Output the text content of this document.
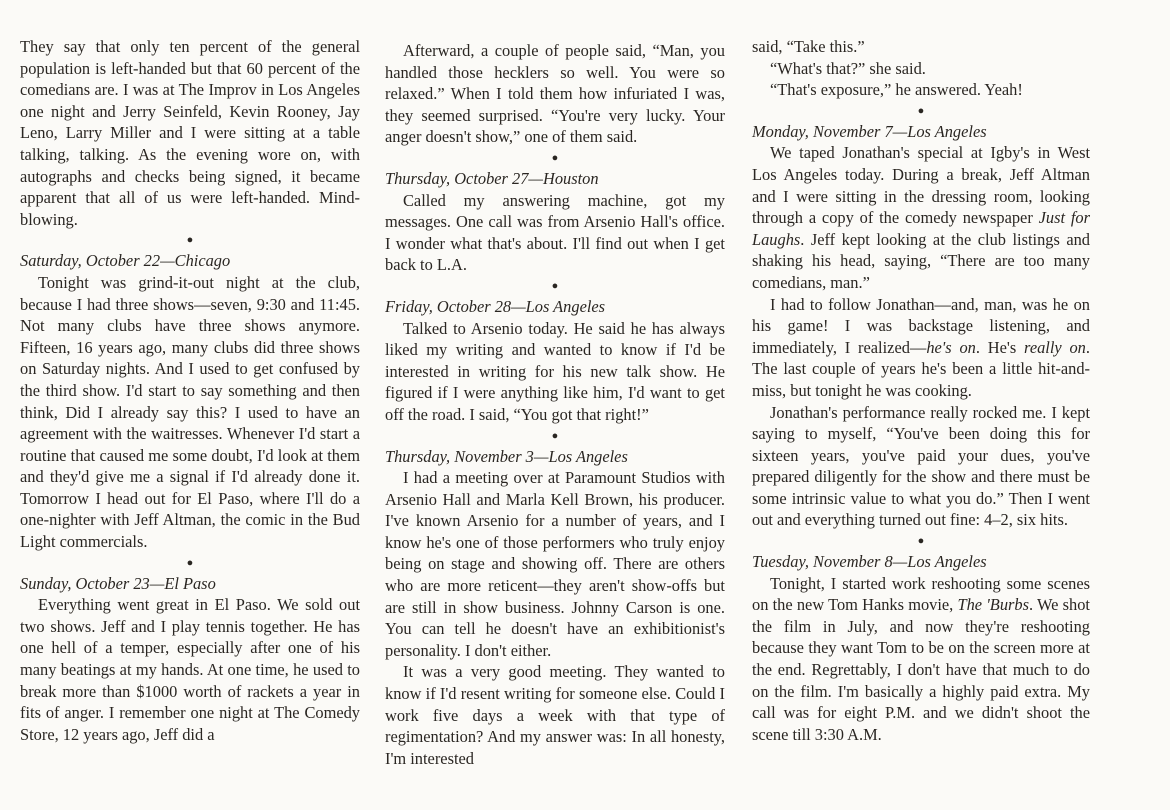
They say that only ten percent of the general population is left-handed but that 60 percent of the comedians are. I was at The Improv in Los Angeles one night and Jerry Seinfeld, Kevin Rooney, Jay Leno, Larry Miller and I were sitting at a table talking, talking. As the evening wore on, with autographs and checks being signed, it became apparent that all of us were left-handed. Mind-blowing.

●

Saturday, October 22—Chicago

Tonight was grind-it-out night at the club, because I had three shows—seven, 9:30 and 11:45. Not many clubs have three shows anymore. Fifteen, 16 years ago, many clubs did three shows on Saturday nights. And I used to get confused by the third show. I'd start to say something and then think, Did I already say this? I used to have an agreement with the waitresses. Whenever I'd start a routine that caused me some doubt, I'd look at them and they'd give me a signal if I'd already done it. Tomorrow I head out for El Paso, where I'll do a one-nighter with Jeff Altman, the comic in the Bud Light commercials.

●

Sunday, October 23—El Paso

Everything went great in El Paso. We sold out two shows. Jeff and I play tennis together. He has one hell of a temper, especially after one of his many beatings at my hands. At one time, he used to break more than $1000 worth of rackets a year in fits of anger. I remember one night at The Comedy Store, 12 years ago, Jeff did a

Afterward, a couple of people said, “Man, you handled those hecklers so well. You were so relaxed.” When I told them how infuriated I was, they seemed surprised. “You're very lucky. Your anger doesn't show,” one of them said.

●

Thursday, October 27—Houston

Called my answering machine, got my messages. One call was from Arsenio Hall's office. I wonder what that's about. I'll find out when I get back to L.A.

●

Friday, October 28—Los Angeles

Talked to Arsenio today. He said he has always liked my writing and wanted to know if I'd be interested in writing for his new talk show. He figured if I were anything like him, I'd want to get off the road. I said, “You got that right!”

●

Thursday, November 3—Los Angeles

I had a meeting over at Paramount Studios with Arsenio Hall and Marla Kell Brown, his producer. I've known Arsenio for a number of years, and I know he's one of those performers who truly enjoy being on stage and showing off. There are others who are more reticent—they aren't show-offs but are still in show business. Johnny Carson is one. You can tell he doesn't have an exhibitionist's personality. I don't either.

It was a very good meeting. They wanted to know if I'd resent writing for someone else. Could I work five days a week with that type of regimentation? And my answer was: In all honesty, I'm interested

said, “Take this.”

“What's that?” she said.

“That's exposure,” he answered. Yeah!

●

Monday, November 7—Los Angeles

We taped Jonathan's special at Igby's in West Los Angeles today. During a break, Jeff Altman and I were sitting in the dressing room, looking through a copy of the comedy newspaper Just for Laughs. Jeff kept looking at the club listings and shaking his head, saying, “There are too many comedians, man.”

I had to follow Jonathan—and, man, was he on his game! I was backstage listening, and immediately, I realized—he's on. He's really on. The last couple of years he's been a little hit-and-miss, but tonight he was cooking.

Jonathan's performance really rocked me. I kept saying to myself, “You've been doing this for sixteen years, you've paid your dues, you've prepared diligently for the show and there must be some intrinsic value to what you do.” Then I went out and everything turned out fine: 4–2, six hits.

●

Tuesday, November 8—Los Angeles

Tonight, I started work reshooting some scenes on the new Tom Hanks movie, The 'Burbs. We shot the film in July, and now they're reshooting because they want Tom to be on the screen more at the end. Regrettably, I don't have that much to do on the film. I'm basically a highly paid extra. My call was for eight P.M. and we didn't shoot the scene till 3:30 A.M.
